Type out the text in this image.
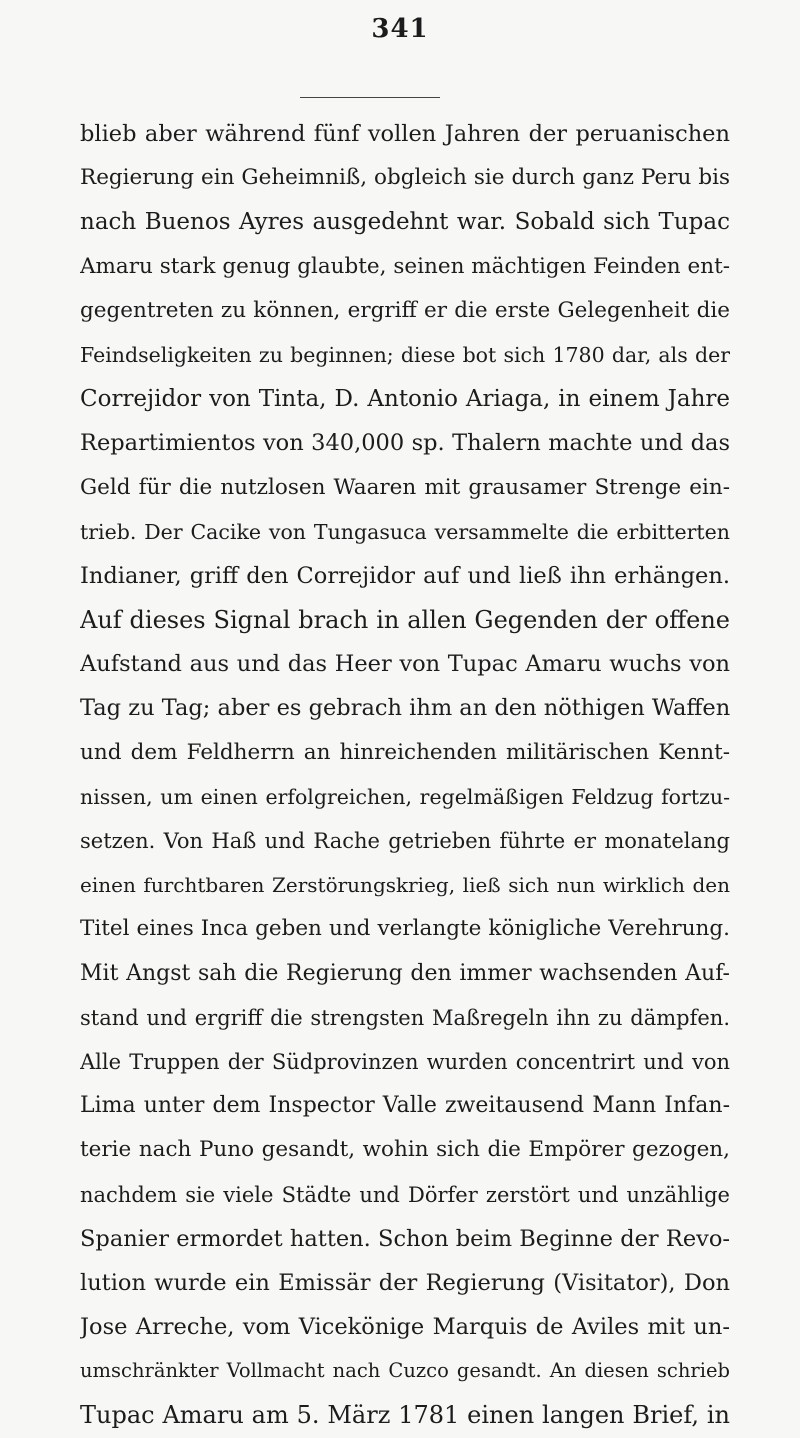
341
blieb aber während fünf vollen Jahren der peruanischen
Regierung ein Geheimniß, obgleich sie durch ganz Peru bis
nach Buenos Ayres ausgedehnt war. Sobald sich Tupac
Amaru stark genug glaubte, seinen mächtigen Feinden ent-
gegentreten zu können, ergriff er die erste Gelegenheit die
Feindseligkeiten zu beginnen; diese bot sich 1780 dar, als der
Correjidor von Tinta, D. Antonio Ariaga, in einem Jahre
Repartimientos von 340,000 sp. Thalern machte und das
Geld für die nutzlosen Waaren mit grausamer Strenge ein-
trieb. Der Cacike von Tungasuca versammelte die erbitterten
Indianer, griff den Correjidor auf und ließ ihn erhängen.
Auf dieses Signal brach in allen Gegenden der offene
Aufstand aus und das Heer von Tupac Amaru wuchs von
Tag zu Tag; aber es gebrach ihm an den nöthigen Waffen
und dem Feldherrn an hinreichenden militärischen Kennt-
nissen, um einen erfolgreichen, regelmäßigen Feldzug fortzu-
setzen. Von Haß und Rache getrieben führte er monatelang
einen furchtbaren Zerstörungskrieg, ließ sich nun wirklich den
Titel eines Inca geben und verlangte königliche Verehrung.
Mit Angst sah die Regierung den immer wachsenden Auf-
stand und ergriff die strengsten Maßregeln ihn zu dämpfen.
Alle Truppen der Südprovinzen wurden concentrirt und von
Lima unter dem Inspector Valle zweitausend Mann Infan-
terie nach Puno gesandt, wohin sich die Empörer gezogen,
nachdem sie viele Städte und Dörfer zerstört und unzählige
Spanier ermordet hatten. Schon beim Beginne der Revo-
lution wurde ein Emissär der Regierung (Visitator), Don
Jose Arreche, vom Vicekönige Marquis de Aviles mit un-
umschränkter Vollmacht nach Cuzco gesandt. An diesen schrieb
Tupac Amaru am 5. März 1781 einen langen Brief, in
